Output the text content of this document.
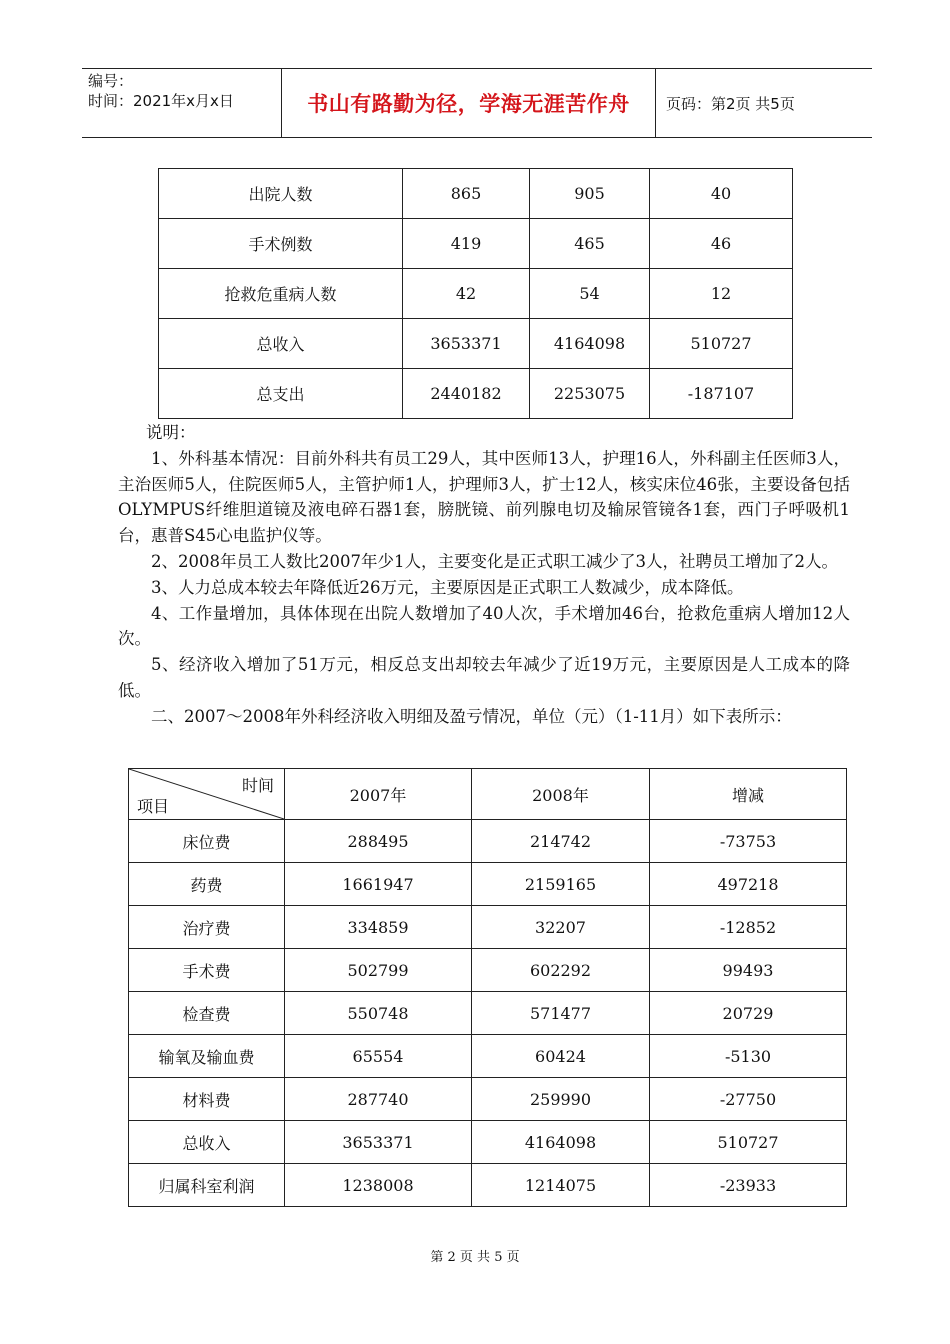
编号：
时间：2021年x月x日	书山有路勤为径，学海无涯苦作舟	页码：第2页 共5页
出院人数	865	905	40
手术例数	419	465	46
抢救危重病人数	42	54	12
总收入	3653371	4164098	510727
总支出	2440182	2253075	-187107

说明：

1、外科基本情况：目前外科共有员工29人，其中医师13人，护理16人，外科副主任医师3人，主治医师5人，住院医师5人，主管护师1人，护理师3人，扩士12人，核实床位46张，主要设备包括OLYMPUS纤维胆道镜及液电碎石器1套，膀胱镜、前列腺电切及输尿管镜各1套，西门子呼吸机1台，惠普S45心电监护仪等。

2、2008年员工人数比2007年少1人，主要变化是正式职工减少了3人，社聘员工增加了2人。

3、人力总成本较去年降低近26万元，主要原因是正式职工人数减少，成本降低。

4、工作量增加，具体体现在出院人数增加了40人次，手术增加46台，抢救危重病人增加12人次。

5、经济收入增加了51万元，相反总支出却较去年减少了近19万元，主要原因是人工成本的降低。

二、2007～2008年外科经济收入明细及盈亏情况，单位（元）（1-11月）如下表所示：

时间
项目	2007年	2008年	增减
床位费	288495	214742	-73753
药费	1661947	2159165	497218
治疗费	334859	32207	-12852
手术费	502799	602292	99493
检查费	550748	571477	20729
输氧及输血费	65554	60424	-5130
材料费	287740	259990	-27750
总收入	3653371	4164098	510727
归属科室利润	1238008	1214075	-23933
第 2 页 共 5 页
